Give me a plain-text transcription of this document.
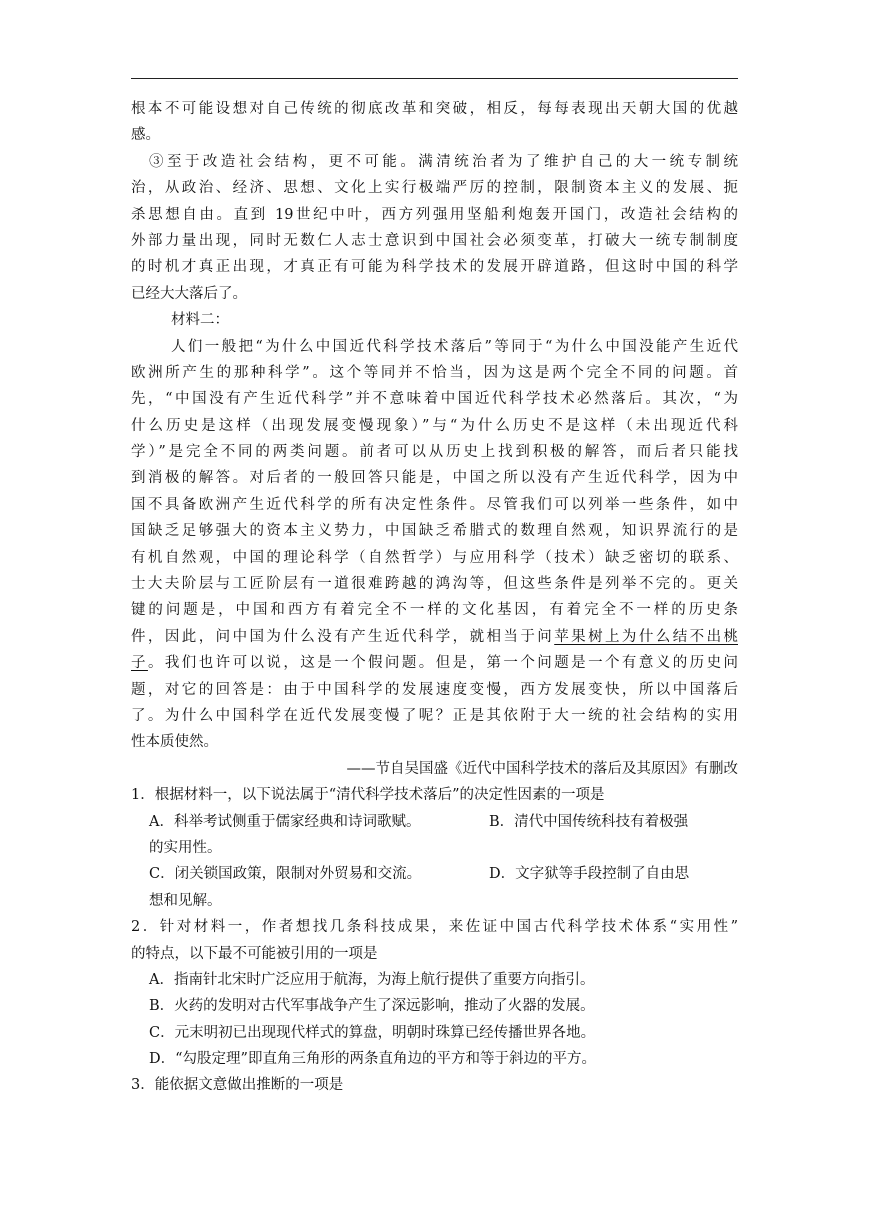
根本不可能设想对自己传统的彻底改革和突破，相反，每每表现出天朝大国的优越
感。
③至于改造社会结构，更不可能。满清统治者为了维护自己的大一统专制统
治，从政治、经济、思想、文化上实行极端严厉的控制，限制资本主义的发展、扼
杀思想自由。直到 19世纪中叶，西方列强用坚船利炮轰开国门，改造社会结构的
外部力量出现，同时无数仁人志士意识到中国社会必须变革，打破大一统专制制度
的时机才真正出现，才真正有可能为科学技术的发展开辟道路，但这时中国的科学
已经大大落后了。
材料二：
人们一般把“为什么中国近代科学技术落后”等同于“为什么中国没能产生近代
欧洲所产生的那种科学”。这个等同并不恰当，因为这是两个完全不同的问题。首
先，“中国没有产生近代科学”并不意味着中国近代科学技术必然落后。其次，“为
什么历史是这样（出现发展变慢现象）”与“为什么历史不是这样（未出现近代科
学）”是完全不同的两类问题。前者可以从历史上找到积极的解答，而后者只能找
到消极的解答。对后者的一般回答只能是，中国之所以没有产生近代科学，因为中
国不具备欧洲产生近代科学的所有决定性条件。尽管我们可以列举一些条件，如中
国缺乏足够强大的资本主义势力，中国缺乏希腊式的数理自然观，知识界流行的是
有机自然观，中国的理论科学（自然哲学）与应用科学（技术）缺乏密切的联系、
士大夫阶层与工匠阶层有一道很难跨越的鸿沟等，但这些条件是列举不完的。更关
键的问题是，中国和西方有着完全不一样的文化基因，有着完全不一样的历史条
件，因此，问中国为什么没有产生近代科学，就相当于问苹果树上为什么结不出桃
子。我们也许可以说，这是一个假问题。但是，第一个问题是一个有意义的历史问
题，对它的回答是：由于中国科学的发展速度变慢，西方发展变快，所以中国落后
了。为什么中国科学在近代发展变慢了呢？正是其依附于大一统的社会结构的实用
性本质使然。
——节自吴国盛《近代中国科学技术的落后及其原因》有删改
1．根据材料一，以下说法属于“清代科学技术落后”的决定性因素的一项是
A．科举考试侧重于儒家经典和诗词歌赋。	B．清代中国传统科技有着极强
的实用性。
C．闭关锁国政策，限制对外贸易和交流。	D．文字狱等手段控制了自由思
想和见解。
2．针对材料一，作者想找几条科技成果，来佐证中国古代科学技术体系“实用性”
的特点，以下最不可能被引用的一项是
A．指南针北宋时广泛应用于航海，为海上航行提供了重要方向指引。
B．火药的发明对古代军事战争产生了深远影响，推动了火器的发展。
C．元末明初已出现现代样式的算盘，明朝时珠算已经传播世界各地。
D．“勾股定理”即直角三角形的两条直角边的平方和等于斜边的平方。
3．能依据文意做出推断的一项是
